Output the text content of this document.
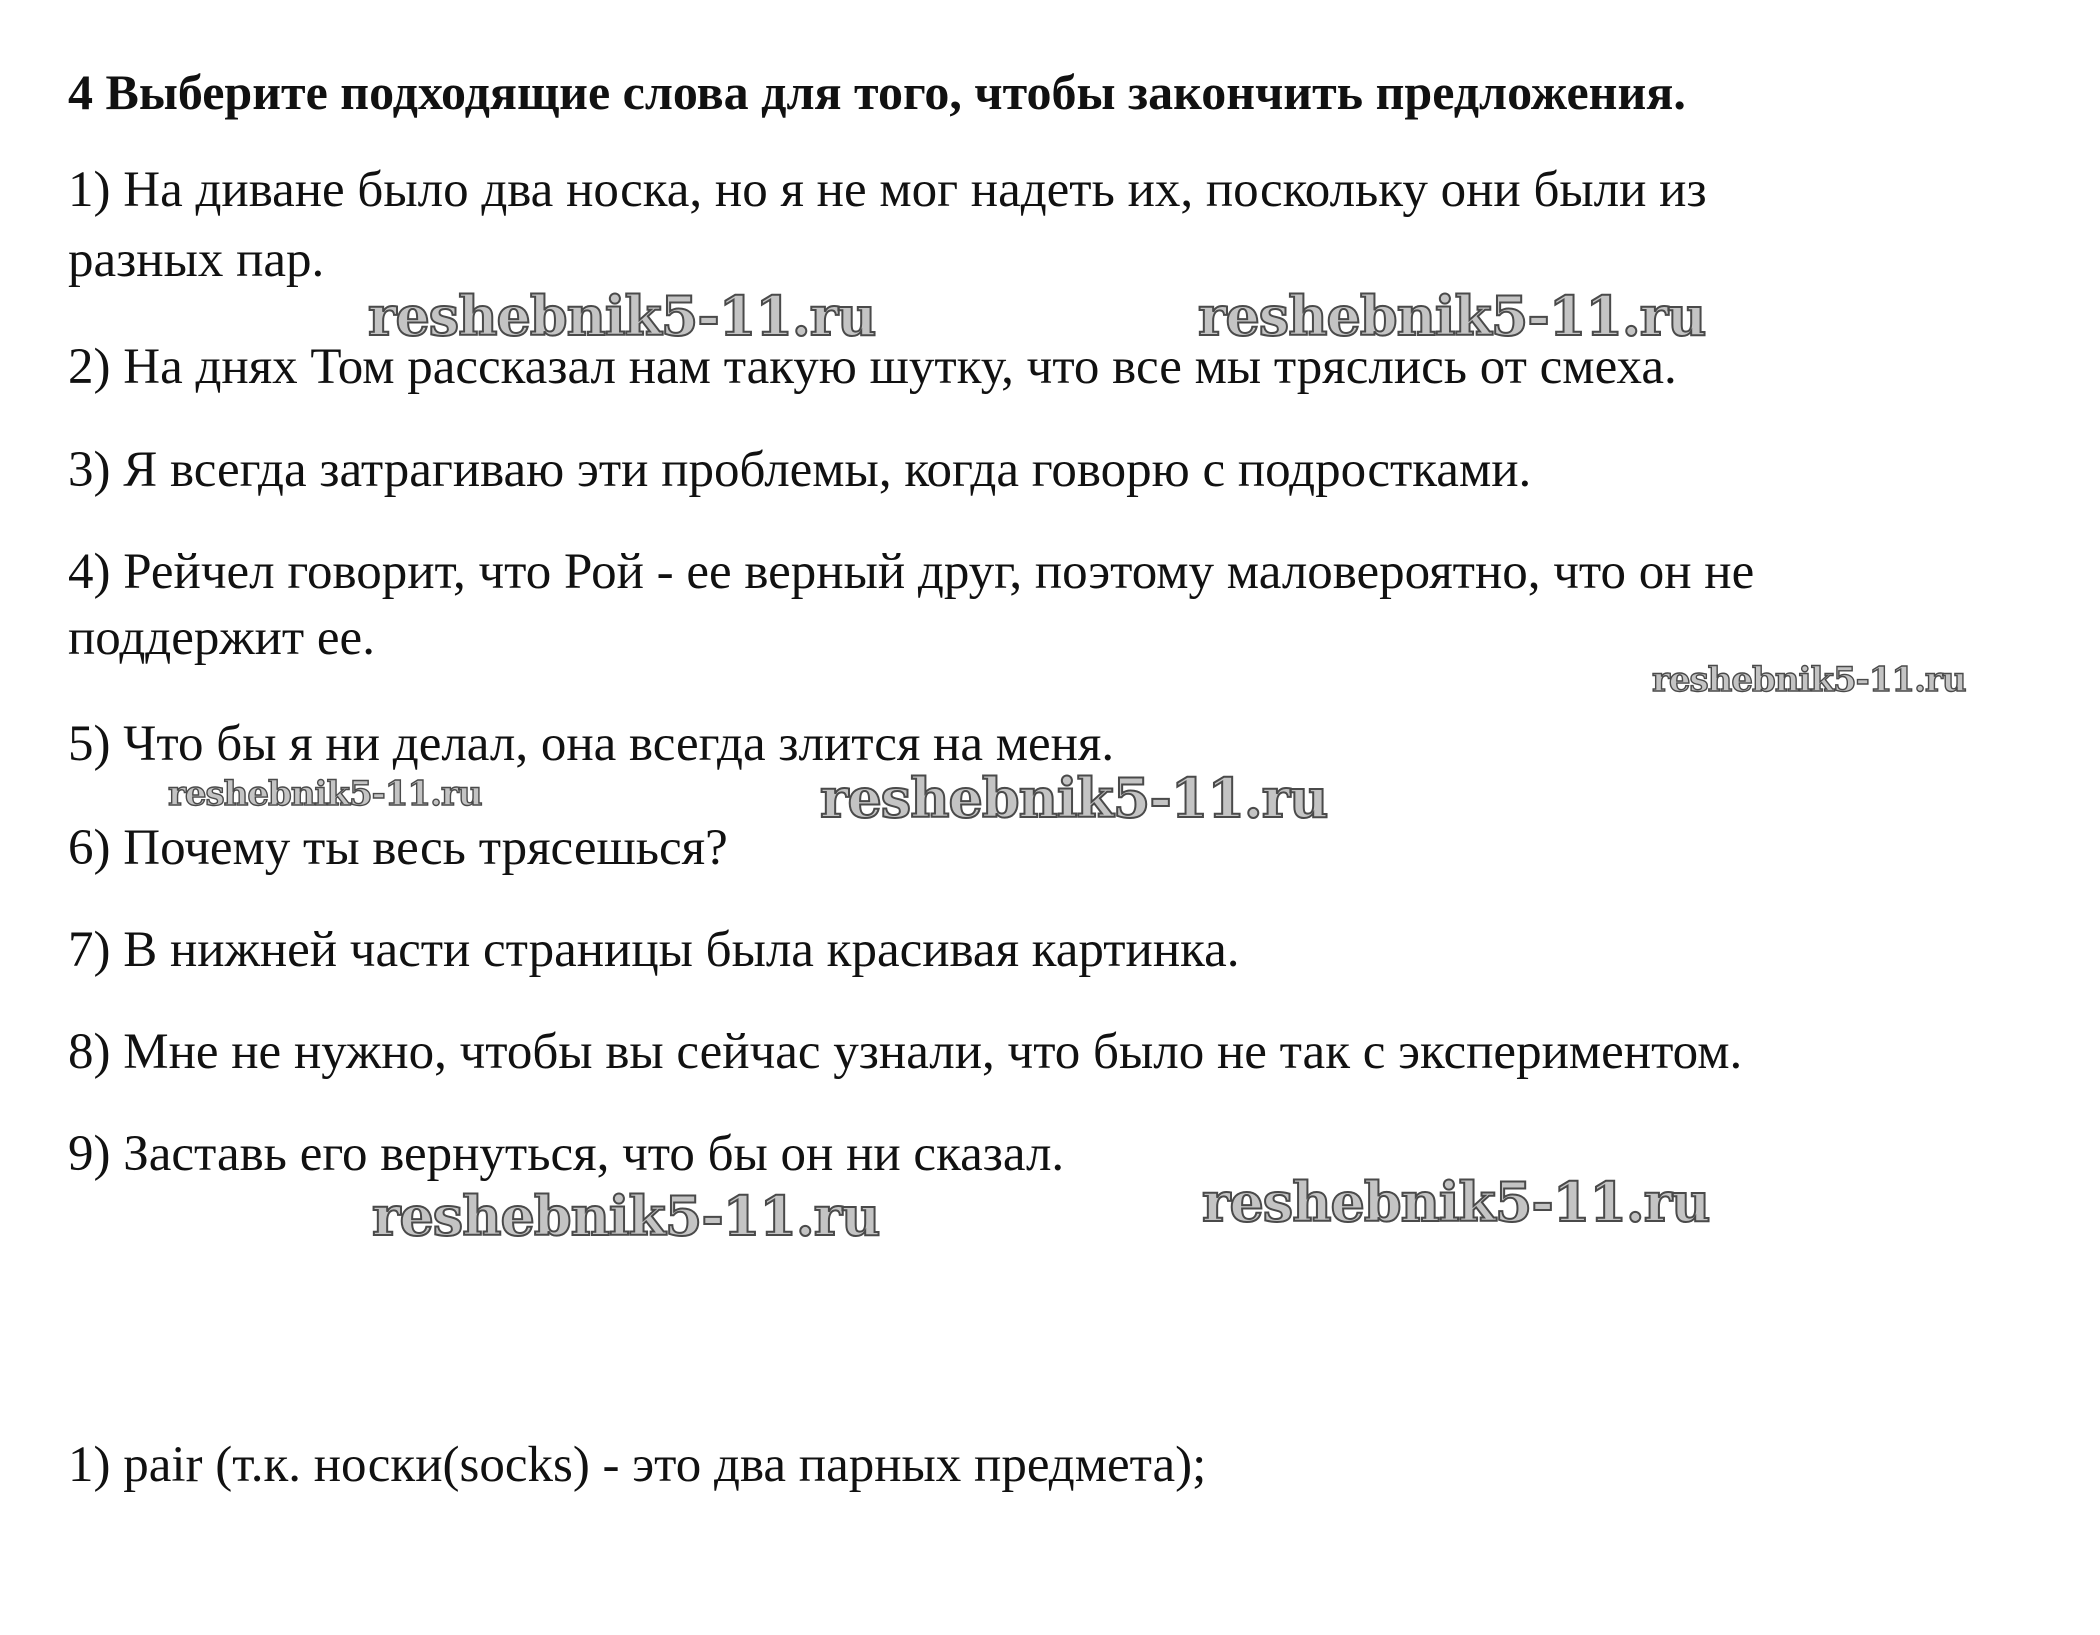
4 Выберите подходящие слова для того, чтобы закончить предложения.

1) На диване было два носка, но я не мог надеть их, поскольку они были из

разных пар.

2) На днях Том рассказал нам такую шутку, что все мы тряслись от смеха.

3) Я всегда затрагиваю эти проблемы, когда говорю с подростками.

4) Рейчел говорит, что Рой - ее верный друг, поэтому маловероятно, что он не

поддержит ее.

5) Что бы я ни делал, она всегда злится на меня.

6) Почему ты весь трясешься?

7) В нижней части страницы была красивая картинка.

8) Мне не нужно, чтобы вы сейчас узнали, что было не так с экспериментом.

9) Заставь его вернуться, что бы он ни сказал.

1) pair (т.к. носки(socks) - это два парных предмета);

reshebnik5-11.ru	reshebnik5-11.ru

reshebnik5-11.ru

reshebnik5-11.ru	reshebnik5-11.ru

reshebnik5-11.ru

reshebnik5-11.ru
